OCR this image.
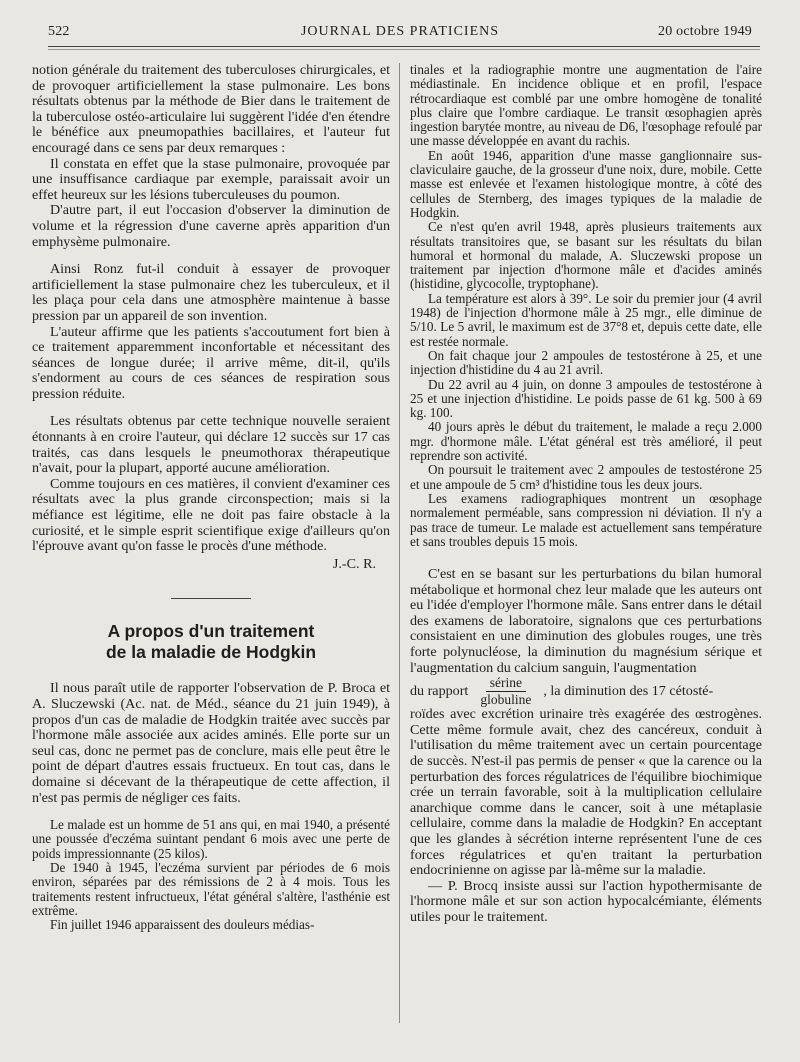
522	JOURNAL DES PRATICIENS	20 octobre 1949

notion générale du traitement des tuberculoses chirurgicales, et de provoquer artificiellement la stase pulmonaire. Les bons résultats obtenus par la méthode de Bier dans le traitement de la tuberculose ostéo-articulaire lui suggèrent l'idée d'en étendre le bénéfice aux pneumopathies bacillaires, et l'auteur fut encouragé dans ce sens par deux remarques :

Il constata en effet que la stase pulmonaire, provoquée par une insuffisance cardiaque par exemple, paraissait avoir un effet heureux sur les lésions tuberculeuses du poumon.

D'autre part, il eut l'occasion d'observer la diminution de volume et la régression d'une caverne après apparition d'un emphysème pulmonaire.

Ainsi Ronz fut-il conduit à essayer de provoquer artificiellement la stase pulmonaire chez les tuberculeux, et il les plaça pour cela dans une atmosphère maintenue à basse pression par un appareil de son invention.

L'auteur affirme que les patients s'accoutument fort bien à ce traitement apparemment inconfortable et nécessitant des séances de longue durée; il arrive même, dit-il, qu'ils s'endorment au cours de ces séances de respiration sous pression réduite.

Les résultats obtenus par cette technique nouvelle seraient étonnants à en croire l'auteur, qui déclare 12 succès sur 17 cas traités, cas dans lesquels le pneumothorax thérapeutique n'avait, pour la plupart, apporté aucune amélioration.

Comme toujours en ces matières, il convient d'examiner ces résultats avec la plus grande circonspection; mais si la méfiance est légitime, elle ne doit pas faire obstacle à la curiosité, et le simple esprit scientifique exige d'ailleurs qu'on l'éprouve avant qu'on fasse le procès d'une méthode.

J.-C. R.

A propos d'un traitement
de la maladie de Hodgkin

Il nous paraît utile de rapporter l'observation de P. Broca et A. Sluczewski (Ac. nat. de Méd., séance du 21 juin 1949), à propos d'un cas de maladie de Hodgkin traitée avec succès par l'hormone mâle associée aux acides aminés. Elle porte sur un seul cas, donc ne permet pas de conclure, mais elle peut être le point de départ d'autres essais fructueux. En tout cas, dans le domaine si décevant de la thérapeutique de cette affection, il n'est pas permis de négliger ces faits.

Le malade est un homme de 51 ans qui, en mai 1940, a présenté une poussée d'eczéma suintant pendant 6 mois avec une perte de poids impressionnante (25 kilos).

De 1940 à 1945, l'eczéma survient par périodes de 6 mois environ, séparées par des rémissions de 2 à 4 mois. Tous les traitements restent infructueux, l'état général s'altère, l'asthénie est extrême.

Fin juillet 1946 apparaissent des douleurs médias-

tinales et la radiographie montre une augmentation de l'aire médiastinale. En incidence oblique et en profil, l'espace rétrocardiaque est comblé par une ombre homogène de tonalité plus claire que l'ombre cardiaque. Le transit œsophagien après ingestion barytée montre, au niveau de D6, l'œsophage refoulé par une masse développée en avant du rachis.

En août 1946, apparition d'une masse ganglionnaire sus-claviculaire gauche, de la grosseur d'une noix, dure, mobile. Cette masse est enlevée et l'examen histologique montre, à côté des cellules de Sternberg, des images typiques de la maladie de Hodgkin.

Ce n'est qu'en avril 1948, après plusieurs traitements aux résultats transitoires que, se basant sur les résultats du bilan humoral et hormonal du malade, A. Sluczewski propose un traitement par injection d'hormone mâle et d'acides aminés (histidine, glycocolle, tryptophane).

La température est alors à 39°. Le soir du premier jour (4 avril 1948) de l'injection d'hormone mâle à 25 mgr., elle diminue de 5/10. Le 5 avril, le maximum est de 37°8 et, depuis cette date, elle est restée normale.

On fait chaque jour 2 ampoules de testostérone à 25, et une injection d'histidine du 4 au 21 avril.

Du 22 avril au 4 juin, on donne 3 ampoules de testostérone à 25 et une injection d'histidine. Le poids passe de 61 kg. 500 à 69 kg. 100.

40 jours après le début du traitement, le malade a reçu 2.000 mgr. d'hormone mâle. L'état général est très amélioré, il peut reprendre son activité.

On poursuit le traitement avec 2 ampoules de testostérone 25 et une ampoule de 5 cm³ d'histidine tous les deux jours.

Les examens radiographiques montrent un œsophage normalement perméable, sans compression ni déviation. Il n'y a pas trace de tumeur. Le malade est actuellement sans température et sans troubles depuis 15 mois.

C'est en se basant sur les perturbations du bilan humoral métabolique et hormonal chez leur malade que les auteurs ont eu l'idée d'employer l'hormone mâle. Sans entrer dans le détail des examens de laboratoire, signalons que ces perturbations consistaient en une diminution des globules rouges, une très forte polynucléose, la diminution du magnésium sérique et l'augmentation du calcium sanguin, l'augmentation

du rapport $\frac{\text{sérine}}{\text{globuline}}$ , la diminution des 17 cétosté-

roïdes avec excrétion urinaire très exagérée des œstrogènes. Cette même formule avait, chez des cancéreux, conduit à l'utilisation du même traitement avec un certain pourcentage de succès. N'est-il pas permis de penser « que la carence ou la perturbation des forces régulatrices de l'équilibre biochimique crée un terrain favorable, soit à la multiplication cellulaire anarchique comme dans le cancer, soit à une métaplasie cellulaire, comme dans la maladie de Hodgkin? En acceptant que les glandes à sécrétion interne représentent l'une de ces forces régulatrices et qu'en traitant la perturbation endocrinienne on agisse par là-même sur la maladie.

— P. Brocq insiste aussi sur l'action hypothermisante de l'hormone mâle et sur son action hypocalcémiante, éléments utiles pour le traitement.
